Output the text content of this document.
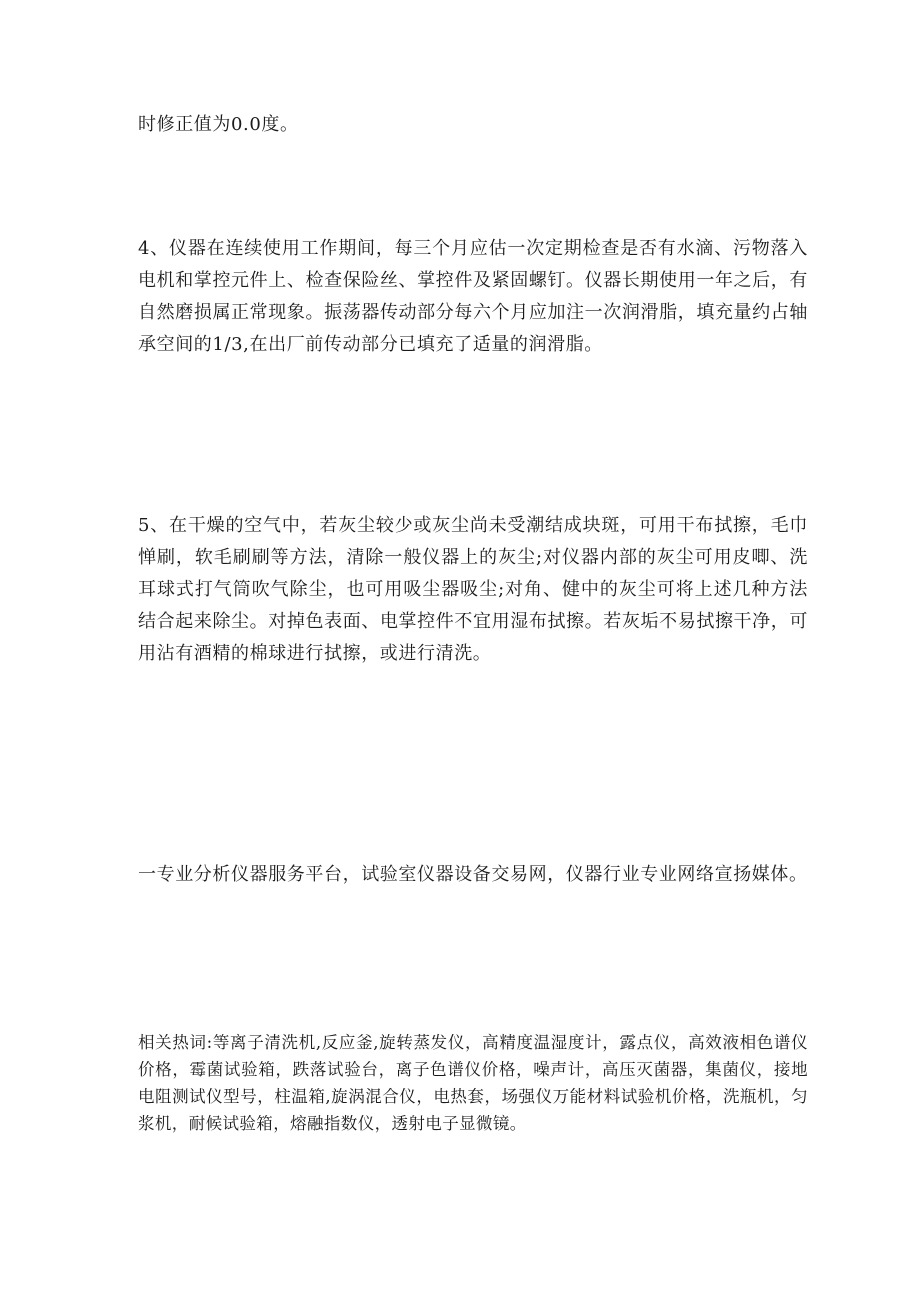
时修正值为0.0度。

4、仪器在连续使用工作期间，每三个月应估一次定期检查是否有水滴、污物落入电机和掌控元件上、检查保险丝、掌控件及紧固螺钉。仪器长期使用一年之后，有自然磨损属正常现象。振荡器传动部分每六个月应加注一次润滑脂，填充量约占轴承空间的1/3,在出厂前传动部分已填充了适量的润滑脂。

5、在干燥的空气中，若灰尘较少或灰尘尚未受潮结成块斑，可用干布拭擦，毛巾惮刷，软毛刷刷等方法，清除一般仪器上的灰尘;对仪器内部的灰尘可用皮唧、洗耳球式打气筒吹气除尘，也可用吸尘器吸尘;对角、健中的灰尘可将上述几种方法结合起来除尘。对掉色表面、电掌控件不宜用湿布拭擦。若灰垢不易拭擦干净，可用沾有酒精的棉球进行拭擦，或进行清洗。

一专业分析仪器服务平台，试验室仪器设备交易网，仪器行业专业网络宣扬媒体。

相关热词:等离子清洗机,反应釜,旋转蒸发仪，高精度温湿度计，露点仪，高效液相色谱仪价格，霉菌试验箱，跌落试验台，离子色谱仪价格，噪声计，高压灭菌器，集菌仪，接地电阻测试仪型号，柱温箱,旋涡混合仪，电热套，场强仪万能材料试验机价格，洗瓶机，匀浆机，耐候试验箱，熔融指数仪，透射电子显微镜。
